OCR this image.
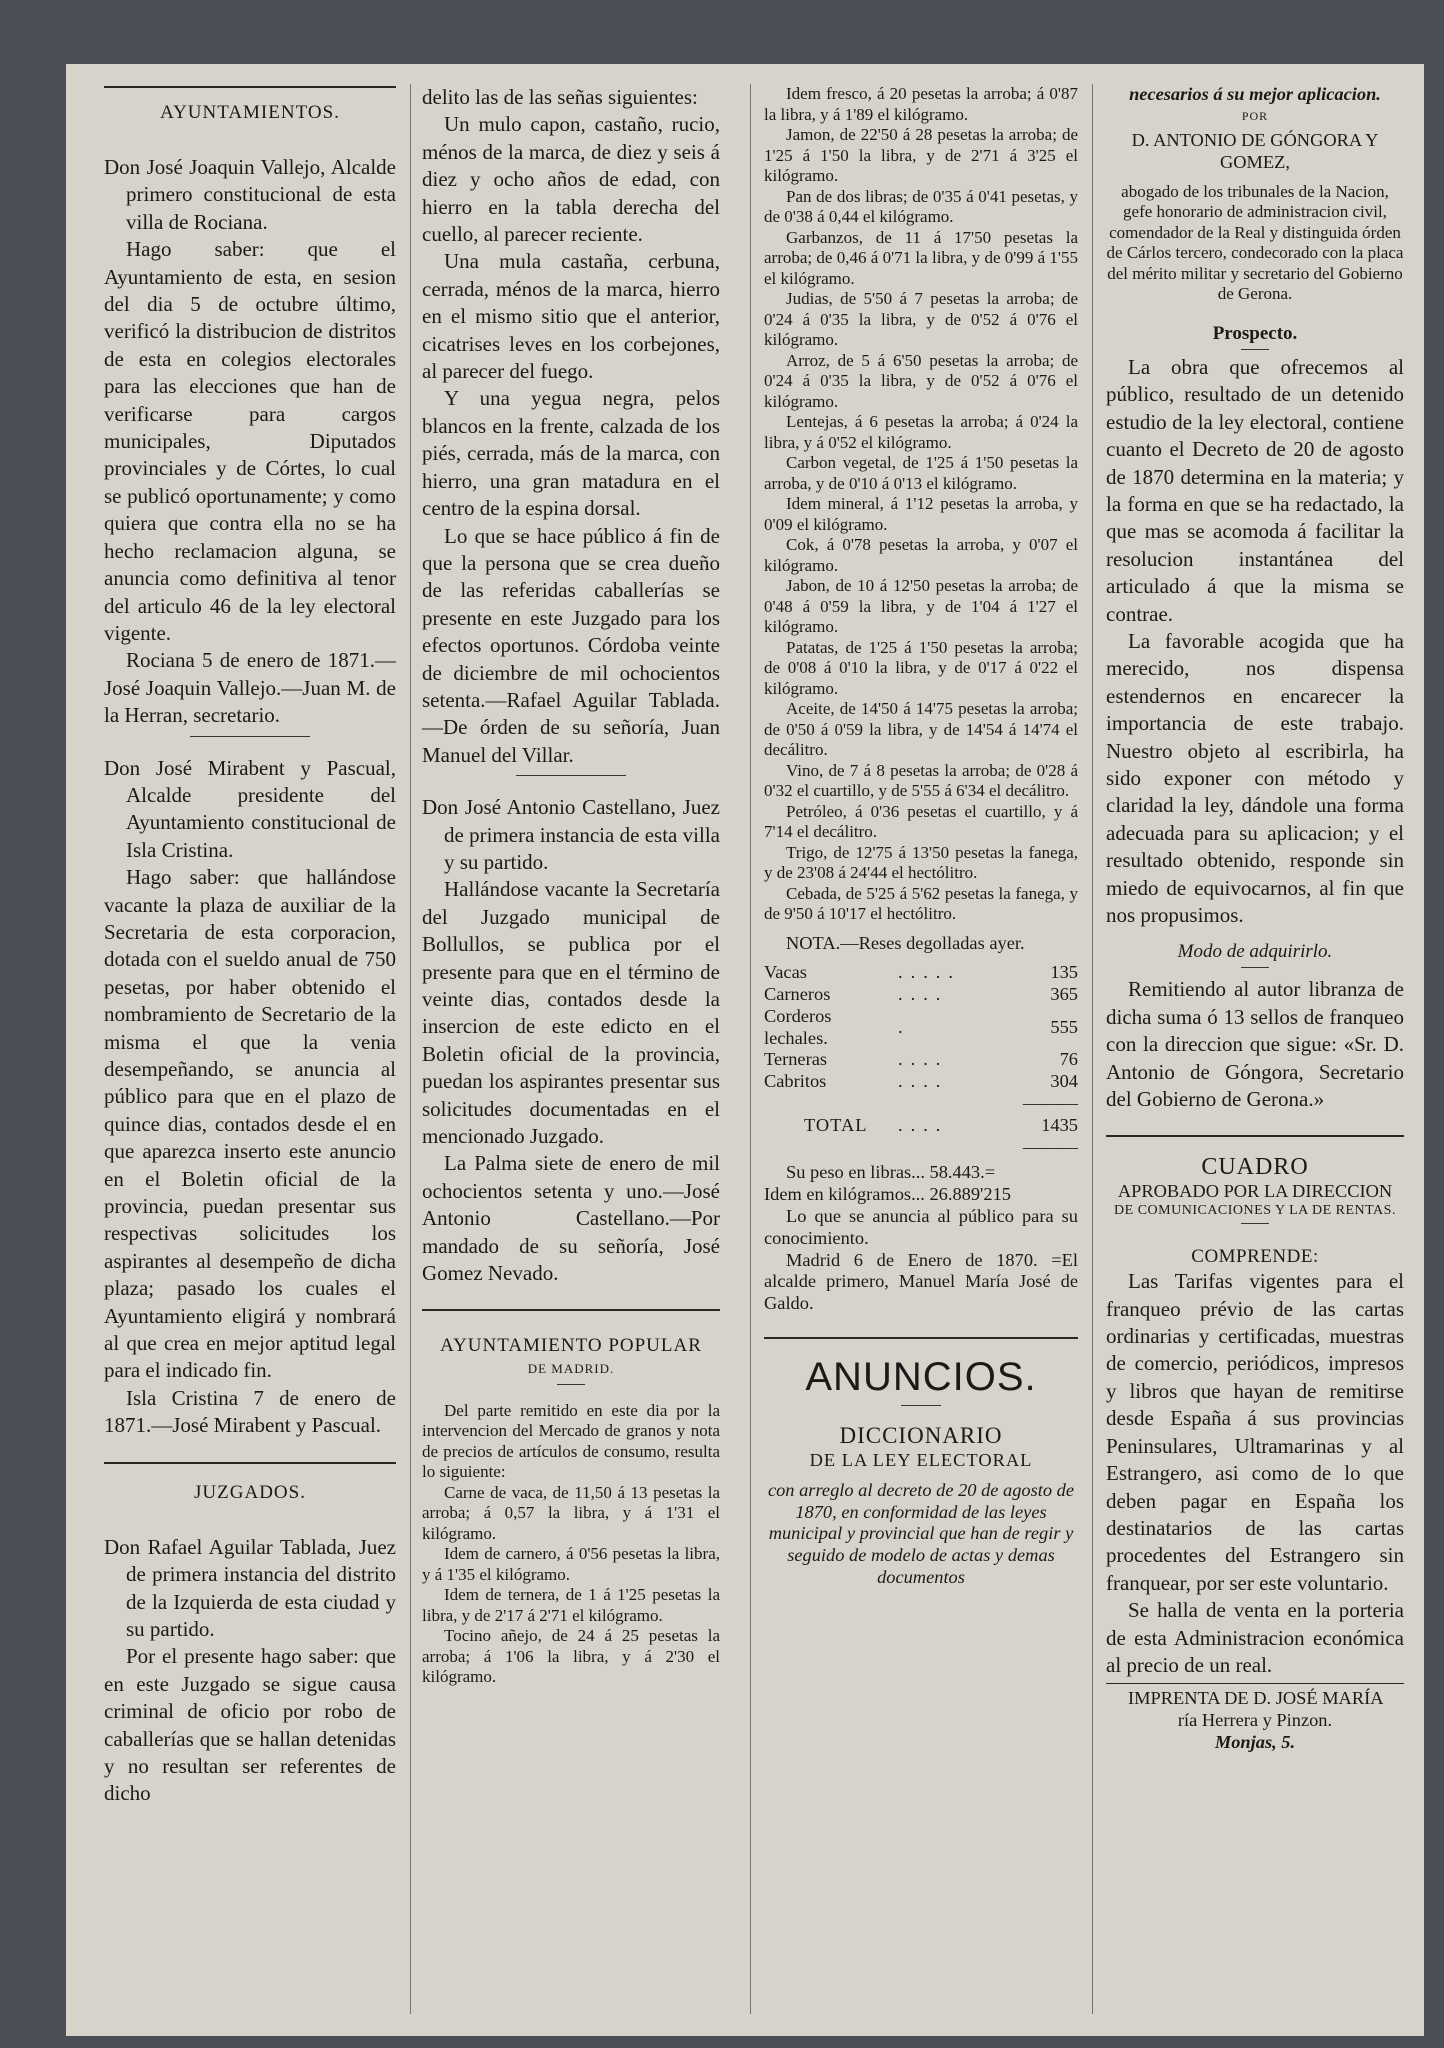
AYUNTAMIENTOS.

Don José Joaquin Vallejo, Alcalde primero constitucional de esta villa de Rociana.

Hago saber: que el Ayuntamiento de esta, en sesion del dia 5 de octubre último, verificó la distribucion de distritos de esta en colegios electorales para las elecciones que han de verificarse para cargos municipales, Diputados provinciales y de Córtes, lo cual se publicó oportunamente; y como quiera que contra ella no se ha hecho reclamacion alguna, se anuncia como definitiva al tenor del articulo 46 de la ley electoral vigente.

Rociana 5 de enero de 1871.—José Joaquin Vallejo.—Juan M. de la Herran, secretario.

Don José Mirabent y Pascual, Alcalde presidente del Ayuntamiento constitucional de Isla Cristina.

Hago saber: que hallándose vacante la plaza de auxiliar de la Secretaria de esta corporacion, dotada con el sueldo anual de 750 pesetas, por haber obtenido el nombramiento de Secretario de la misma el que la venia desempeñando, se anuncia al público para que en el plazo de quince dias, contados desde el en que aparezca inserto este anuncio en el Boletin oficial de la provincia, puedan presentar sus respectivas solicitudes los aspirantes al desempeño de dicha plaza; pasado los cuales el Ayuntamiento eligirá y nombrará al que crea en mejor aptitud legal para el indicado fin.

Isla Cristina 7 de enero de 1871.—José Mirabent y Pascual.

JUZGADOS.

Don Rafael Aguilar Tablada, Juez de primera instancia del distrito de la Izquierda de esta ciudad y su partido.

Por el presente hago saber: que en este Juzgado se sigue causa criminal de oficio por robo de caballerías que se hallan detenidas y no resultan ser referentes de dicho

delito las de las señas siguientes:

Un mulo capon, castaño, rucio, ménos de la marca, de diez y seis á diez y ocho años de edad, con hierro en la tabla derecha del cuello, al parecer reciente.

Una mula castaña, cerbuna, cerrada, ménos de la marca, hierro en el mismo sitio que el anterior, cicatrises leves en los corbejones, al parecer del fuego.

Y una yegua negra, pelos blancos en la frente, calzada de los piés, cerrada, más de la marca, con hierro, una gran matadura en el centro de la espina dorsal.

Lo que se hace público á fin de que la persona que se crea dueño de las referidas caballerías se presente en este Juzgado para los efectos oportunos. Córdoba veinte de diciembre de mil ochocientos setenta.—Rafael Aguilar Tablada.—De órden de su señoría, Juan Manuel del Villar.

Don José Antonio Castellano, Juez de primera instancia de esta villa y su partido.

Hallándose vacante la Secretaría del Juzgado municipal de Bollullos, se publica por el presente para que en el término de veinte dias, contados desde la insercion de este edicto en el Boletin oficial de la provincia, puedan los aspirantes presentar sus solicitudes documentadas en el mencionado Juzgado.

La Palma siete de enero de mil ochocientos setenta y uno.—José Antonio Castellano.—Por mandado de su señoría, José Gomez Nevado.

AYUNTAMIENTO POPULAR
DE MADRID.

Del parte remitido en este dia por la intervencion del Mercado de granos y nota de precios de artículos de consumo, resulta lo siguiente:

Carne de vaca, de 11,50 á 13 pesetas la arroba; á 0,57 la libra, y á 1'31 el kilógramo.

Idem de carnero, á 0'56 pesetas la libra, y á 1'35 el kilógramo.

Idem de ternera, de 1 á 1'25 pesetas la libra, y de 2'17 á 2'71 el kilógramo.

Tocino añejo, de 24 á 25 pesetas la arroba; á 1'06 la libra, y á 2'30 el kilógramo.

Idem fresco, á 20 pesetas la arroba; á 0'87 la libra, y á 1'89 el kilógramo.

Jamon, de 22'50 á 28 pesetas la arroba; de 1'25 á 1'50 la libra, y de 2'71 á 3'25 el kilógramo.

Pan de dos libras; de 0'35 á 0'41 pesetas, y de 0'38 á 0,44 el kilógramo.

Garbanzos, de 11 á 17'50 pesetas la arroba; de 0,46 á 0'71 la libra, y de 0'99 á 1'55 el kilógramo.

Judias, de 5'50 á 7 pesetas la arroba; de 0'24 á 0'35 la libra, y de 0'52 á 0'76 el kilógramo.

Arroz, de 5 á 6'50 pesetas la arroba; de 0'24 á 0'35 la libra, y de 0'52 á 0'76 el kilógramo.

Lentejas, á 6 pesetas la arroba; á 0'24 la libra, y á 0'52 el kilógramo.

Carbon vegetal, de 1'25 á 1'50 pesetas la arroba, y de 0'10 á 0'13 el kilógramo.

Idem mineral, á 1'12 pesetas la arroba, y 0'09 el kilógramo.

Cok, á 0'78 pesetas la arroba, y 0'07 el kilógramo.

Jabon, de 10 á 12'50 pesetas la arroba; de 0'48 á 0'59 la libra, y de 1'04 á 1'27 el kilógramo.

Patatas, de 1'25 á 1'50 pesetas la arroba; de 0'08 á 0'10 la libra, y de 0'17 á 0'22 el kilógramo.

Aceite, de 14'50 á 14'75 pesetas la arroba; de 0'50 á 0'59 la libra, y de 14'54 á 14'74 el decálitro.

Vino, de 7 á 8 pesetas la arroba; de 0'28 á 0'32 el cuartillo, y de 5'55 á 6'34 el decálitro.

Petróleo, á 0'36 pesetas el cuartillo, y á 7'14 el decálitro.

Trigo, de 12'75 á 13'50 pesetas la fanega, y de 23'08 á 24'44 el hectólitro.

Cebada, de 5'25 á 5'62 pesetas la fanega, y de 9'50 á 10'17 el hectólitro.

NOTA.—Reses degolladas ayer.

Vacas	.....	135
Carneros	....	365
Corderos lechales.	.	555
Terneras	....	76
Cabritos	....	304
		———
TOTAL	....	1435
		———

Su peso en libras... 58.443.=

Idem en kilógramos... 26.889'215

Lo que se anuncia al público para su conocimiento.

Madrid 6 de Enero de 1870. =El alcalde primero, Manuel María José de Galdo.

ANUNCIOS.
DICCIONARIO
DE LA LEY ELECTORAL

con arreglo al decreto de 20 de agosto de 1870, en conformidad de las leyes municipal y provincial que han de regir y seguido de modelo de actas y demas documentos

necesarios á su mejor aplicacion.

POR
D. ANTONIO DE GÓNGORA Y GOMEZ,

abogado de los tribunales de la Nacion, gefe honorario de administracion civil, comendador de la Real y distinguida órden de Cárlos tercero, condecorado con la placa del mérito militar y secretario del Gobierno de Gerona.

Prospecto.

La obra que ofrecemos al público, resultado de un detenido estudio de la ley electoral, contiene cuanto el Decreto de 20 de agosto de 1870 determina en la materia; y la forma en que se ha redactado, la que mas se acomoda á facilitar la resolucion instantánea del articulado á que la misma se contrae.

La favorable acogida que ha merecido, nos dispensa estendernos en encarecer la importancia de este trabajo. Nuestro objeto al escribirla, ha sido exponer con método y claridad la ley, dándole una forma adecuada para su aplicacion; y el resultado obtenido, responde sin miedo de equivocarnos, al fin que nos propusimos.

Modo de adquirirlo.

Remitiendo al autor libranza de dicha suma ó 13 sellos de franqueo con la direccion que sigue: «Sr. D. Antonio de Góngora, Secretario del Gobierno de Gerona.»

CUADRO
APROBADO POR LA DIRECCION
DE COMUNICACIONES Y LA DE RENTAS.
COMPRENDE:

Las Tarifas vigentes para el franqueo prévio de las cartas ordinarias y certificadas, muestras de comercio, periódicos, impresos y libros que hayan de remitirse desde España á sus provincias Peninsulares, Ultramarinas y al Estrangero, asi como de lo que deben pagar en España los destinatarios de las cartas procedentes del Estrangero sin franquear, por ser este voluntario.

Se halla de venta en la porteria de esta Administracion económica al precio de un real.

IMPRENTA DE D. JOSÉ MARÍA

ría Herrera y Pinzon.

Monjas, 5.
